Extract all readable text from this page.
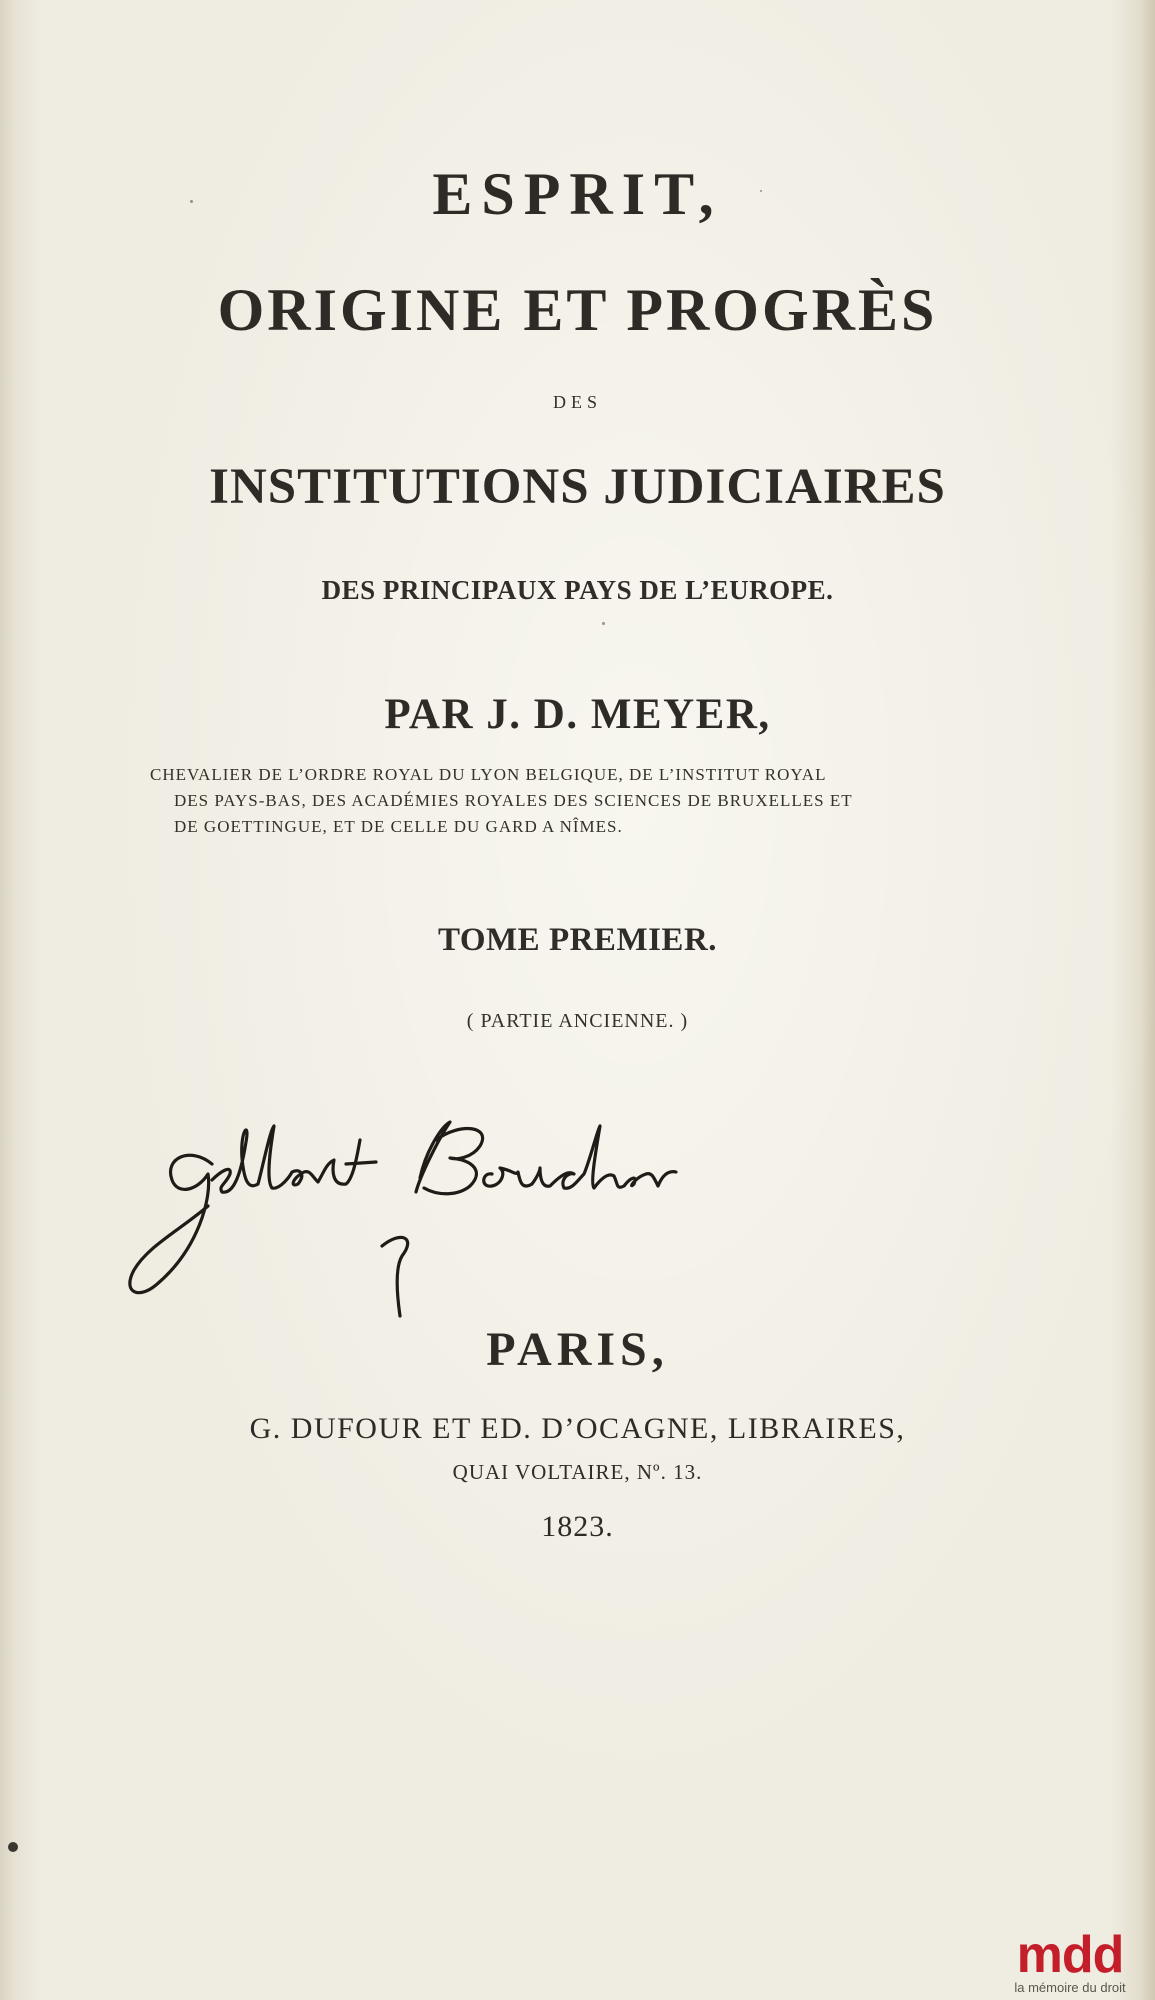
ESPRIT,
ORIGINE ET PROGRÈS
DES
INSTITUTIONS JUDICIAIRES
DES PRINCIPAUX PAYS DE L’EUROPE.
PAR J. D. MEYER,
CHEVALIER DE L’ORDRE ROYAL DU LYON BELGIQUE, DE L’INSTITUT ROYAL
DES PAYS-BAS, DES ACADÉMIES ROYALES DES SCIENCES DE BRUXELLES ET
DE GOETTINGUE, ET DE CELLE DU GARD A NÎMES.
TOME PREMIER.
( PARTIE ANCIENNE. )
PARIS,
G. DUFOUR ET ED. D’OCAGNE, LIBRAIRES,
QUAI VOLTAIRE, Nº. 13.
1823.
mdd
la mémoire du droit
